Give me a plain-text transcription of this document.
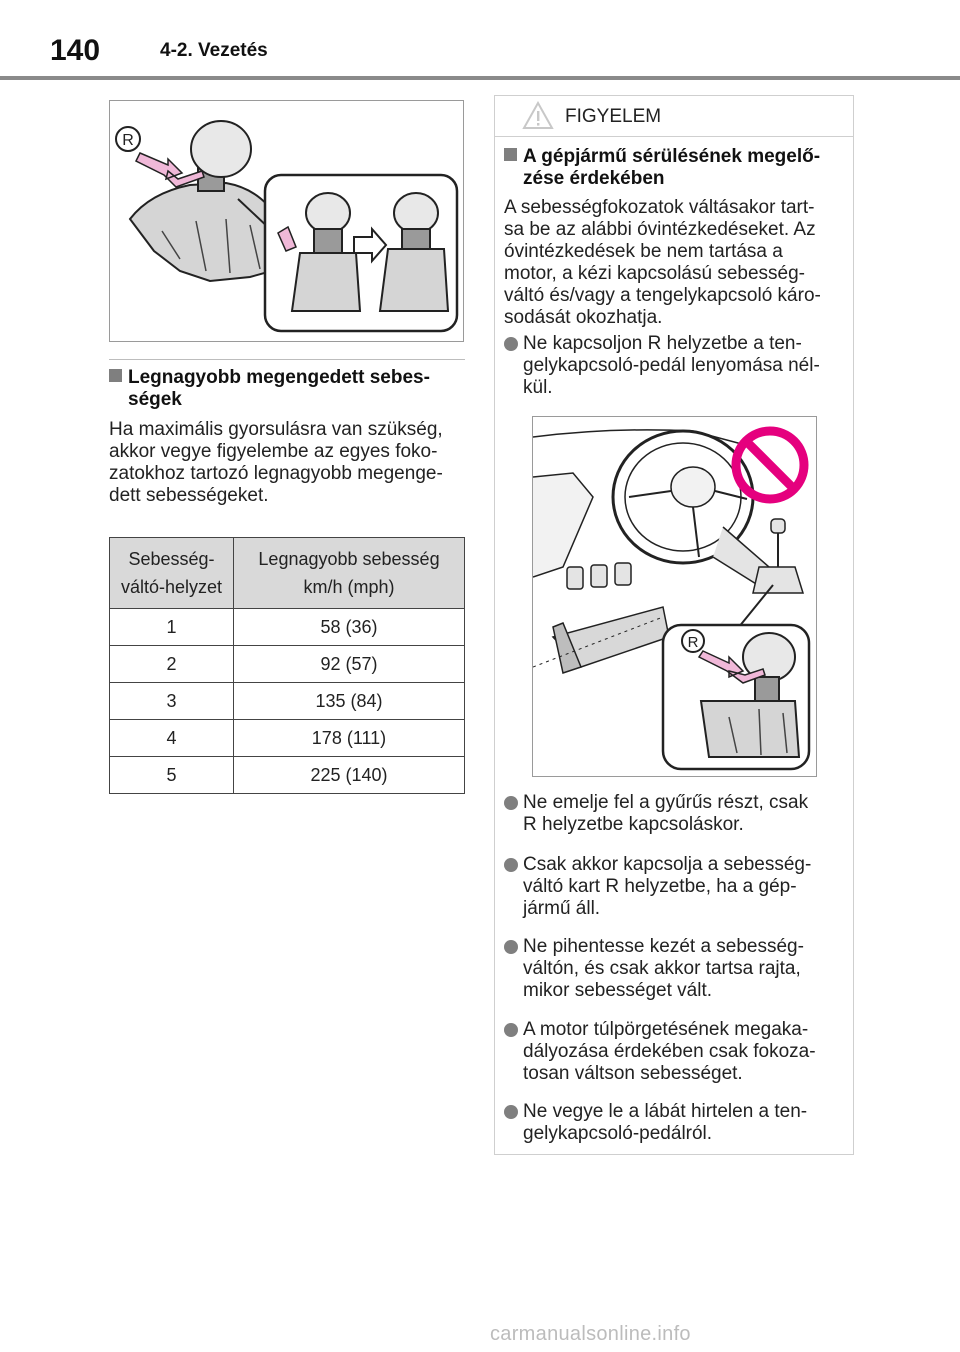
140	4-2. Vezetés
R
Legnagyobb megengedett sebes-
ségek
Ha maximális gyorsulásra van szükség,
akkor vegye figyelembe az egyes foko-
zatokhoz tartozó legnagyobb megenge-
dett sebességeket.
Sebesség-
váltó-helyzet	Legnagyobb sebesség
km/h (mph)
1	58 (36)
2	92 (57)
3	135 (84)
4	178 (111)
5	225 (140)
FIGYELEM
A gépjármű sérülésének megelő-
zése érdekében
A sebességfokozatok váltásakor tart-
sa be az alábbi óvintézkedéseket. Az
óvintézkedések be nem tartása a
motor, a kézi kapcsolású sebesség-
váltó és/vagy a tengelykapcsoló káro-
sodását okozhatja.
Ne kapcsoljon R helyzetbe a ten-
gelykapcsoló-pedál lenyomása nél-
kül.
R
Ne emelje fel a gyűrűs részt, csak
R helyzetbe kapcsoláskor.
Csak akkor kapcsolja a sebesség-
váltó kart R helyzetbe, ha a gép-
jármű áll.
Ne pihentesse kezét a sebesség-
váltón, és csak akkor tartsa rajta,
mikor sebességet vált.
A motor túlpörgetésének megaka-
dályozása érdekében csak fokoza-
tosan váltson sebességet.
Ne vegye le a lábát hirtelen a ten-
gelykapcsoló-pedálról.
carmanualsonline.info
